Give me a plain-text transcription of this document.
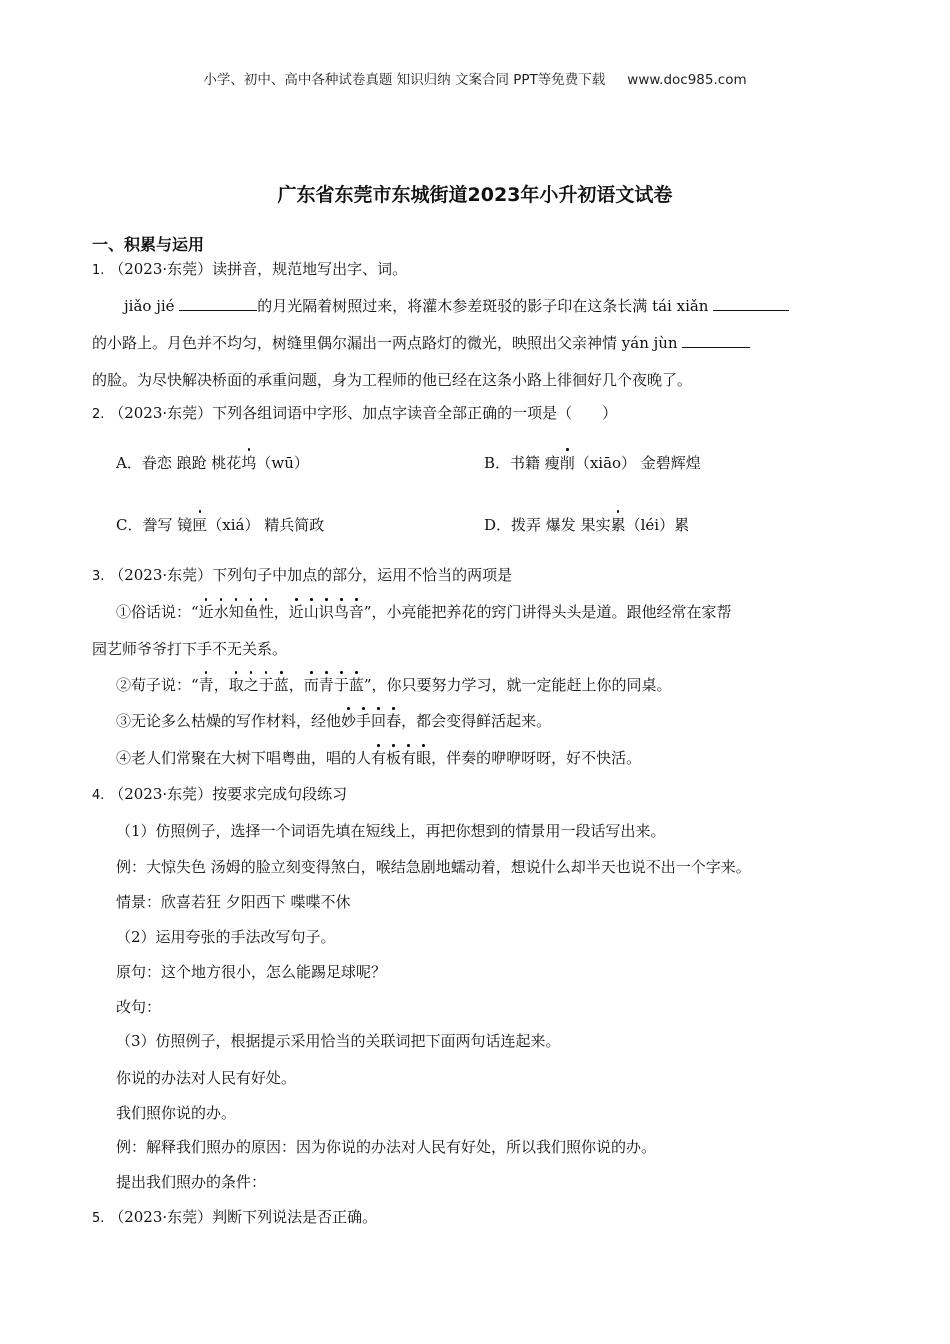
小学、初中、高中各种试卷真题 知识归纳 文案合同 PPT等免费下载 www.doc985.com
广东省东莞市东城街道2023年小升初语文试卷
一、积累与运用
1. （2023·东莞）读拼音，规范地写出字、词。
jiǎo jié	的月光隔着树照过来，将灌木参差斑驳的影子印在这条长满 tái xiǎn
的小路上。月色并不均匀，树缝里偶尔漏出一两点路灯的微光，映照出父亲神情 yán jùn
的脸。为尽快解决桥面的承重问题，身为工程师的他已经在这条小路上徘徊好几个夜晚了。
2. （2023·东莞）下列各组词语中字形、加点字读音全部正确的一项是（　　）
A．眷恋 踉跄 桃花坞（wū）	B．书籍 瘦削（xiāo） 金碧辉煌
C．誊写 镜匣（xiá） 精兵简政	D．拨弄 爆发 果实累（léi）累
3. （2023·东莞）下列句子中加点的部分，运用不恰当的两项是
①俗话说：“近水知鱼性，近山识鸟音”，小亮能把养花的窍门讲得头头是道。跟他经常在家帮
园艺师爷爷打下手不无关系。
②荀子说：“青，取之于蓝，而青于蓝”，你只要努力学习，就一定能赶上你的同桌。
③无论多么枯燥的写作材料，经他妙手回春，都会变得鲜活起来。
④老人们常聚在大树下唱粤曲，唱的人有板有眼，伴奏的咿咿呀呀，好不快活。
4. （2023·东莞）按要求完成句段练习
（1）仿照例子，选择一个词语先填在短线上，再把你想到的情景用一段话写出来。
例：大惊失色 汤姆的脸立刻变得煞白，喉结急剧地蠕动着，想说什么却半天也说不出一个字来。
情景：欣喜若狂 夕阳西下 喋喋不休
（2）运用夸张的手法改写句子。
原句：这个地方很小，怎么能踢足球呢？
改句：
（3）仿照例子，根据提示采用恰当的关联词把下面两句话连起来。
你说的办法对人民有好处。
我们照你说的办。
例：解释我们照办的原因：因为你说的办法对人民有好处，所以我们照你说的办。
提出我们照办的条件：
5. （2023·东莞）判断下列说法是否正确。
